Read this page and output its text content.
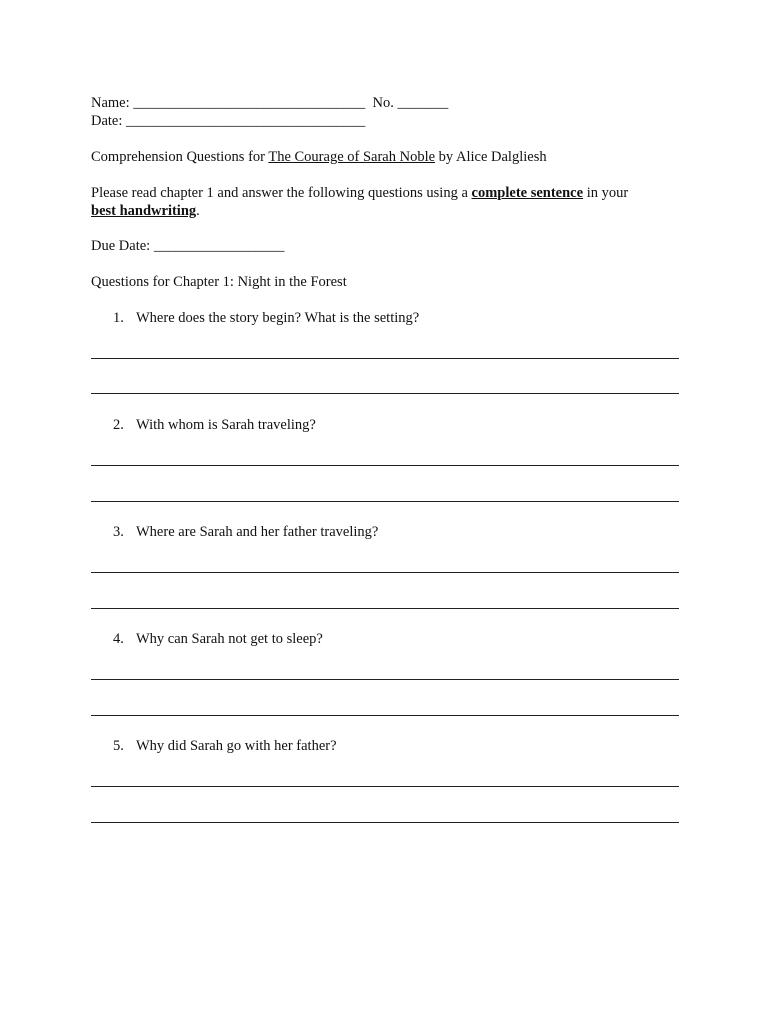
Name: ________________________________  No. _______
Date: _________________________________
Comprehension Questions for The Courage of Sarah Noble by Alice Dalgliesh
Please read chapter 1 and answer the following questions using a complete sentence in your
best handwriting.
Due Date: __________________
Questions for Chapter 1: Night in the Forest
1. Where does the story begin? What is the setting?
2. With whom is Sarah traveling?
3. Where are Sarah and her father traveling?
4. Why can Sarah not get to sleep?
5. Why did Sarah go with her father?
